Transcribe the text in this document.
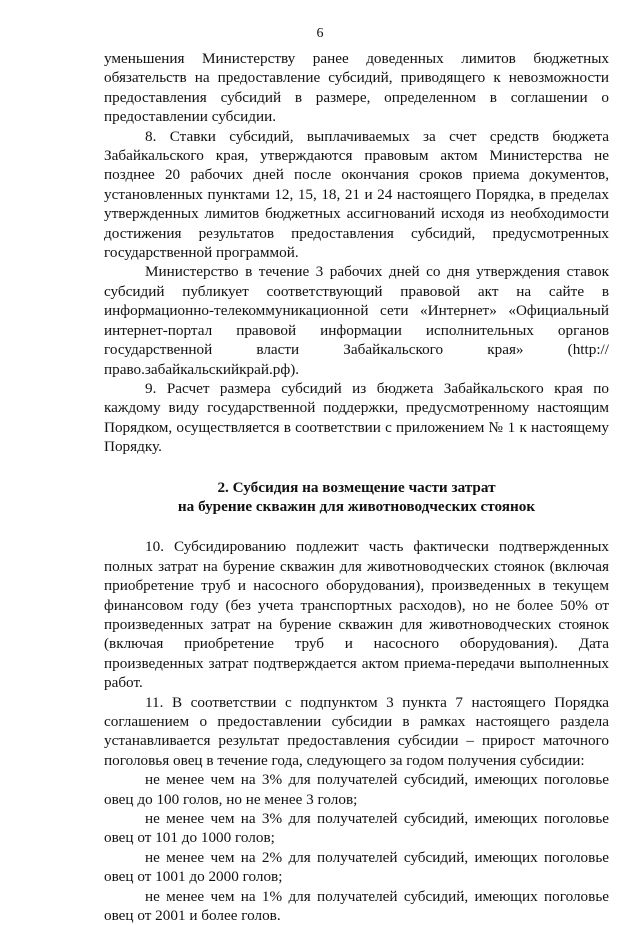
6

уменьшения Министерству ранее доведенных лимитов бюджетных обязательств на предоставление субсидий, приводящего к невозможности предоставления субсидий в размере, определенном в соглашении о предоставлении субсидии.

8. Ставки субсидий, выплачиваемых за счет средств бюджета Забайкальского края, утверждаются правовым актом Министерства не позднее 20 рабочих дней после окончания сроков приема документов, установленных пунктами 12, 15, 18, 21 и 24 настоящего Порядка, в пределах утвержденных лимитов бюджетных ассигнований исходя из необходимости достижения результатов предоставления субсидий, предусмотренных государственной программой.

Министерство в течение 3 рабочих дней со дня утверждения ставок субсидий публикует соответствующий правовой акт на сайте в информационно-телекоммуникационной сети «Интернет» «Официальный интернет-портал правовой информации исполнительных органов государственной власти Забайкальского края» (http://право.забайкальскийкрай.рф).

9. Расчет размера субсидий из бюджета Забайкальского края по каждому виду государственной поддержки, предусмотренному настоящим Порядком, осуществляется в соответствии с приложением № 1 к настоящему Порядку.

2. Субсидия на возмещение части затрат
на бурение скважин для животноводческих стоянок

10. Субсидированию подлежит часть фактически подтвержденных полных затрат на бурение скважин для животноводческих стоянок (включая приобретение труб и насосного оборудования), произведенных в текущем финансовом году (без учета транспортных расходов), но не более 50% от произведенных затрат на бурение скважин для животноводческих стоянок (включая приобретение труб и насосного оборудования). Дата произведенных затрат подтверждается актом приема-передачи выполненных работ.

11. В соответствии с подпунктом 3 пункта 7 настоящего Порядка соглашением о предоставлении субсидии в рамках настоящего раздела устанавливается результат предоставления субсидии – прирост маточного поголовья овец в течение года, следующего за годом получения субсидии:

не менее чем на 3% для получателей субсидий, имеющих поголовье овец до 100 голов, но не менее 3 голов;

не менее чем на 3% для получателей субсидий, имеющих поголовье овец от 101 до 1000 голов;

не менее чем на 2% для получателей субсидий, имеющих поголовье овец от 1001 до 2000 голов;

не менее чем на 1% для получателей субсидий, имеющих поголовье овец от 2001 и более голов.
